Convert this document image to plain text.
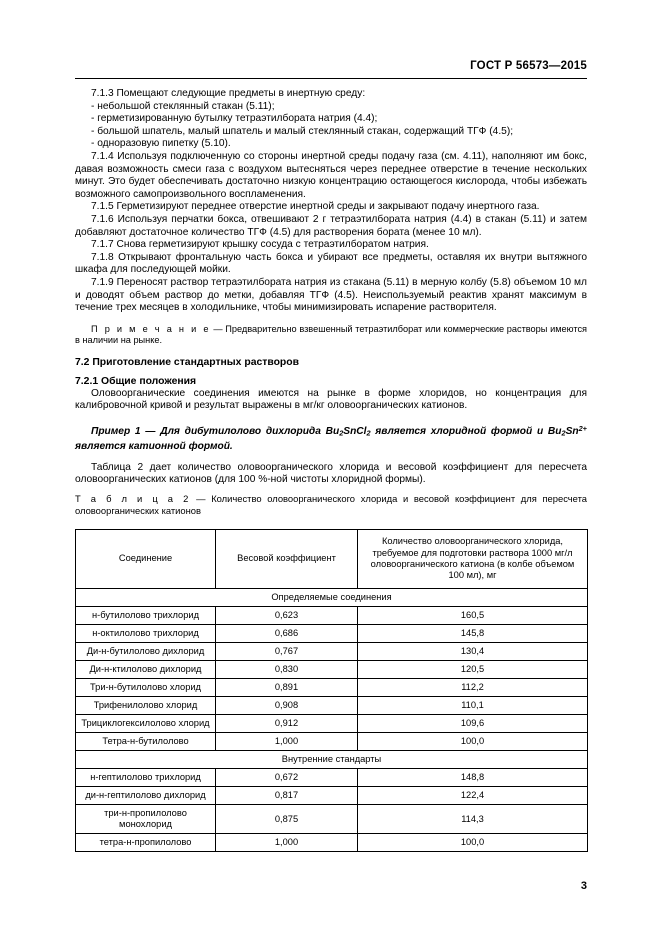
ГОСТ Р 56573—2015

7.1.3 Помещают следующие предметы в инертную среду:

- небольшой стеклянный стакан (5.11);

- герметизированную бутылку тетраэтилбората натрия (4.4);

- большой шпатель, малый шпатель и малый стеклянный стакан, содержащий ТГФ (4.5);

- одноразовую пипетку (5.10).

7.1.4 Используя подключенную со стороны инертной среды подачу газа (см. 4.11), наполняют им бокс, давая возможность смеси газа с воздухом вытесняться через переднее отверстие в течение нескольких минут. Это будет обеспечивать достаточно низкую концентрацию остающегося кислорода, чтобы избежать возможного самопроизвольного воспламенения.

7.1.5 Герметизируют переднее отверстие инертной среды и закрывают подачу инертного газа.

7.1.6 Используя перчатки бокса, отвешивают 2 г тетраэтилбората натрия (4.4) в стакан (5.11) и затем добавляют достаточное количество ТГФ (4.5) для растворения бората (менее 10 мл).

7.1.7 Снова герметизируют крышку сосуда с тетраэтилборатом натрия.

7.1.8 Открывают фронтальную часть бокса и убирают все предметы, оставляя их внутри вытяжного шкафа для последующей мойки.

7.1.9 Переносят раствор тетраэтилбората натрия из стакана (5.11) в мерную колбу (5.8) объемом 10 мл и доводят объем раствор до метки, добавляя ТГФ (4.5). Неиспользуемый реактив хранят максимум в течение трех месяцев в холодильнике, чтобы минимизировать испарение растворителя.

П р и м е ч а н и е — Предварительно взвешенный тетраэтилборат или коммерческие растворы имеются в наличии на рынке.

7.2 Приготовление стандартных растворов
7.2.1 Общие положения

Оловоорганические соединения имеются на рынке в форме хлоридов, но концентрация для калибровочной кривой и результат выражены в мг/кг оловоорганических катионов.

Пример 1 — Для дибутилолово дихлорида $Bu_2SnCl_2$ является хлоридной формой и $Bu_2Sn^{2+}$ является катионной формой.

Таблица 2 дает количество оловоорганического хлорида и весовой коэффициент для пересчета оловоорганических катионов (для 100 %-ной чистоты хлоридной формы).

Т а б л и ц а 2 — Количество оловоорганического хлорида и весовой коэффициент для пересчета оловоорганических катионов

Соединение	Весовой коэффициент	Количество оловоорганического хлорида, требуемое для подготовки раствора 1000 мг/л оловоорганического катиона (в колбе объемом 100 мл), мг
Определяемые соединения		
н-бутилолово трихлорид	0,623	160,5
н-октилолово трихлорид	0,686	145,8
Ди-н-бутилолово дихлорид	0,767	130,4
Ди-н-ктилолово дихлорид	0,830	120,5
Три-н-бутилолово хлорид	0,891	112,2
Трифенилолово хлорид	0,908	110,1
Трициклогексилолово хлорид	0,912	109,6
Тетра-н-бутилолово	1,000	100,0
Внутренние стандарты		
н-гептилолово трихлорид	0,672	148,8
ди-н-гептилолово дихлорид	0,817	122,4
три-н-пропилолово монохлорид	0,875	114,3
тетра-н-пропилолово	1,000	100,0
3
